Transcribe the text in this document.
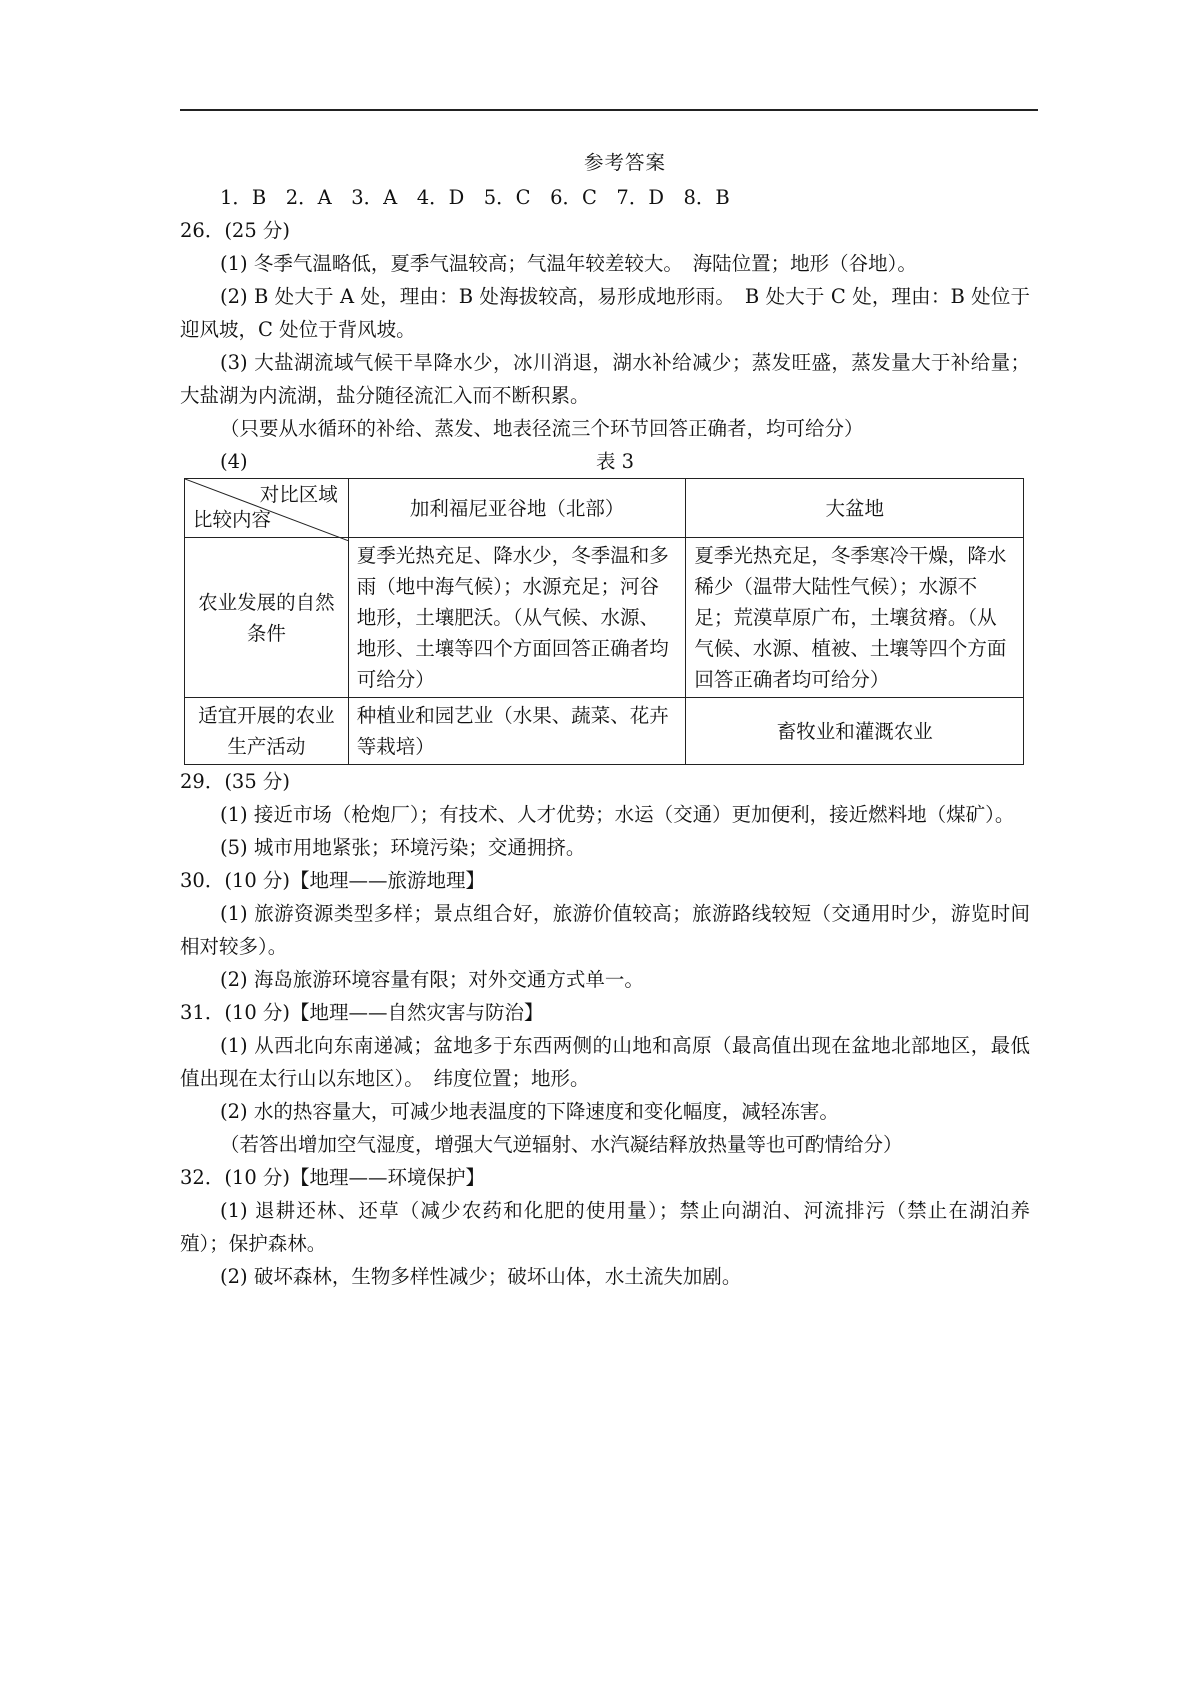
参考答案
1．B　2．A　3．A　4．D　5．C　6．C　7．D　8．B
26．(25 分)

(1) 冬季气温略低，夏季气温较高；气温年较差较大。　海陆位置；地形（谷地）。

(2) B 处大于 A 处，理由：B 处海拔较高，易形成地形雨。　B 处大于 C 处，理由：B 处位于迎风坡，C 处位于背风坡。

(3) 大盐湖流域气候干旱降水少，冰川消退，湖水补给减少；蒸发旺盛，蒸发量大于补给量；大盐湖为内流湖，盐分随径流汇入而不断积累。

（只要从水循环的补给、蒸发、地表径流三个环节回答正确者，均可给分）

(4)	表 3
对比区域
比较内容	加利福尼亚谷地（北部）	大盆地
农业发展的自然条件	夏季光热充足、降水少，冬季温和多雨（地中海气候）；水源充足；河谷地形，土壤肥沃。（从气候、水源、地形、土壤等四个方面回答正确者均可给分）	夏季光热充足，冬季寒冷干燥，降水稀少（温带大陆性气候）；水源不足；荒漠草原广布，土壤贫瘠。（从气候、水源、植被、土壤等四个方面回答正确者均可给分）
适宜开展的农业生产活动	种植业和园艺业（水果、蔬菜、花卉等栽培）	畜牧业和灌溉农业
29．(35 分)

(1) 接近市场（枪炮厂）；有技术、人才优势；水运（交通）更加便利，接近燃料地（煤矿）。

(5) 城市用地紧张；环境污染；交通拥挤。

30．(10 分)【地理——旅游地理】

(1) 旅游资源类型多样；景点组合好，旅游价值较高；旅游路线较短（交通用时少，游览时间相对较多）。

(2) 海岛旅游环境容量有限；对外交通方式单一。

31．(10 分)【地理——自然灾害与防治】

(1) 从西北向东南递减；盆地多于东西两侧的山地和高原（最高值出现在盆地北部地区，最低值出现在太行山以东地区）。　纬度位置；地形。

(2) 水的热容量大，可减少地表温度的下降速度和变化幅度，减轻冻害。

（若答出增加空气湿度，增强大气逆辐射、水汽凝结释放热量等也可酌情给分）

32．(10 分)【地理——环境保护】

(1) 退耕还林、还草（减少农药和化肥的使用量）；禁止向湖泊、河流排污（禁止在湖泊养殖）；保护森林。

(2) 破坏森林，生物多样性减少；破坏山体，水土流失加剧。
